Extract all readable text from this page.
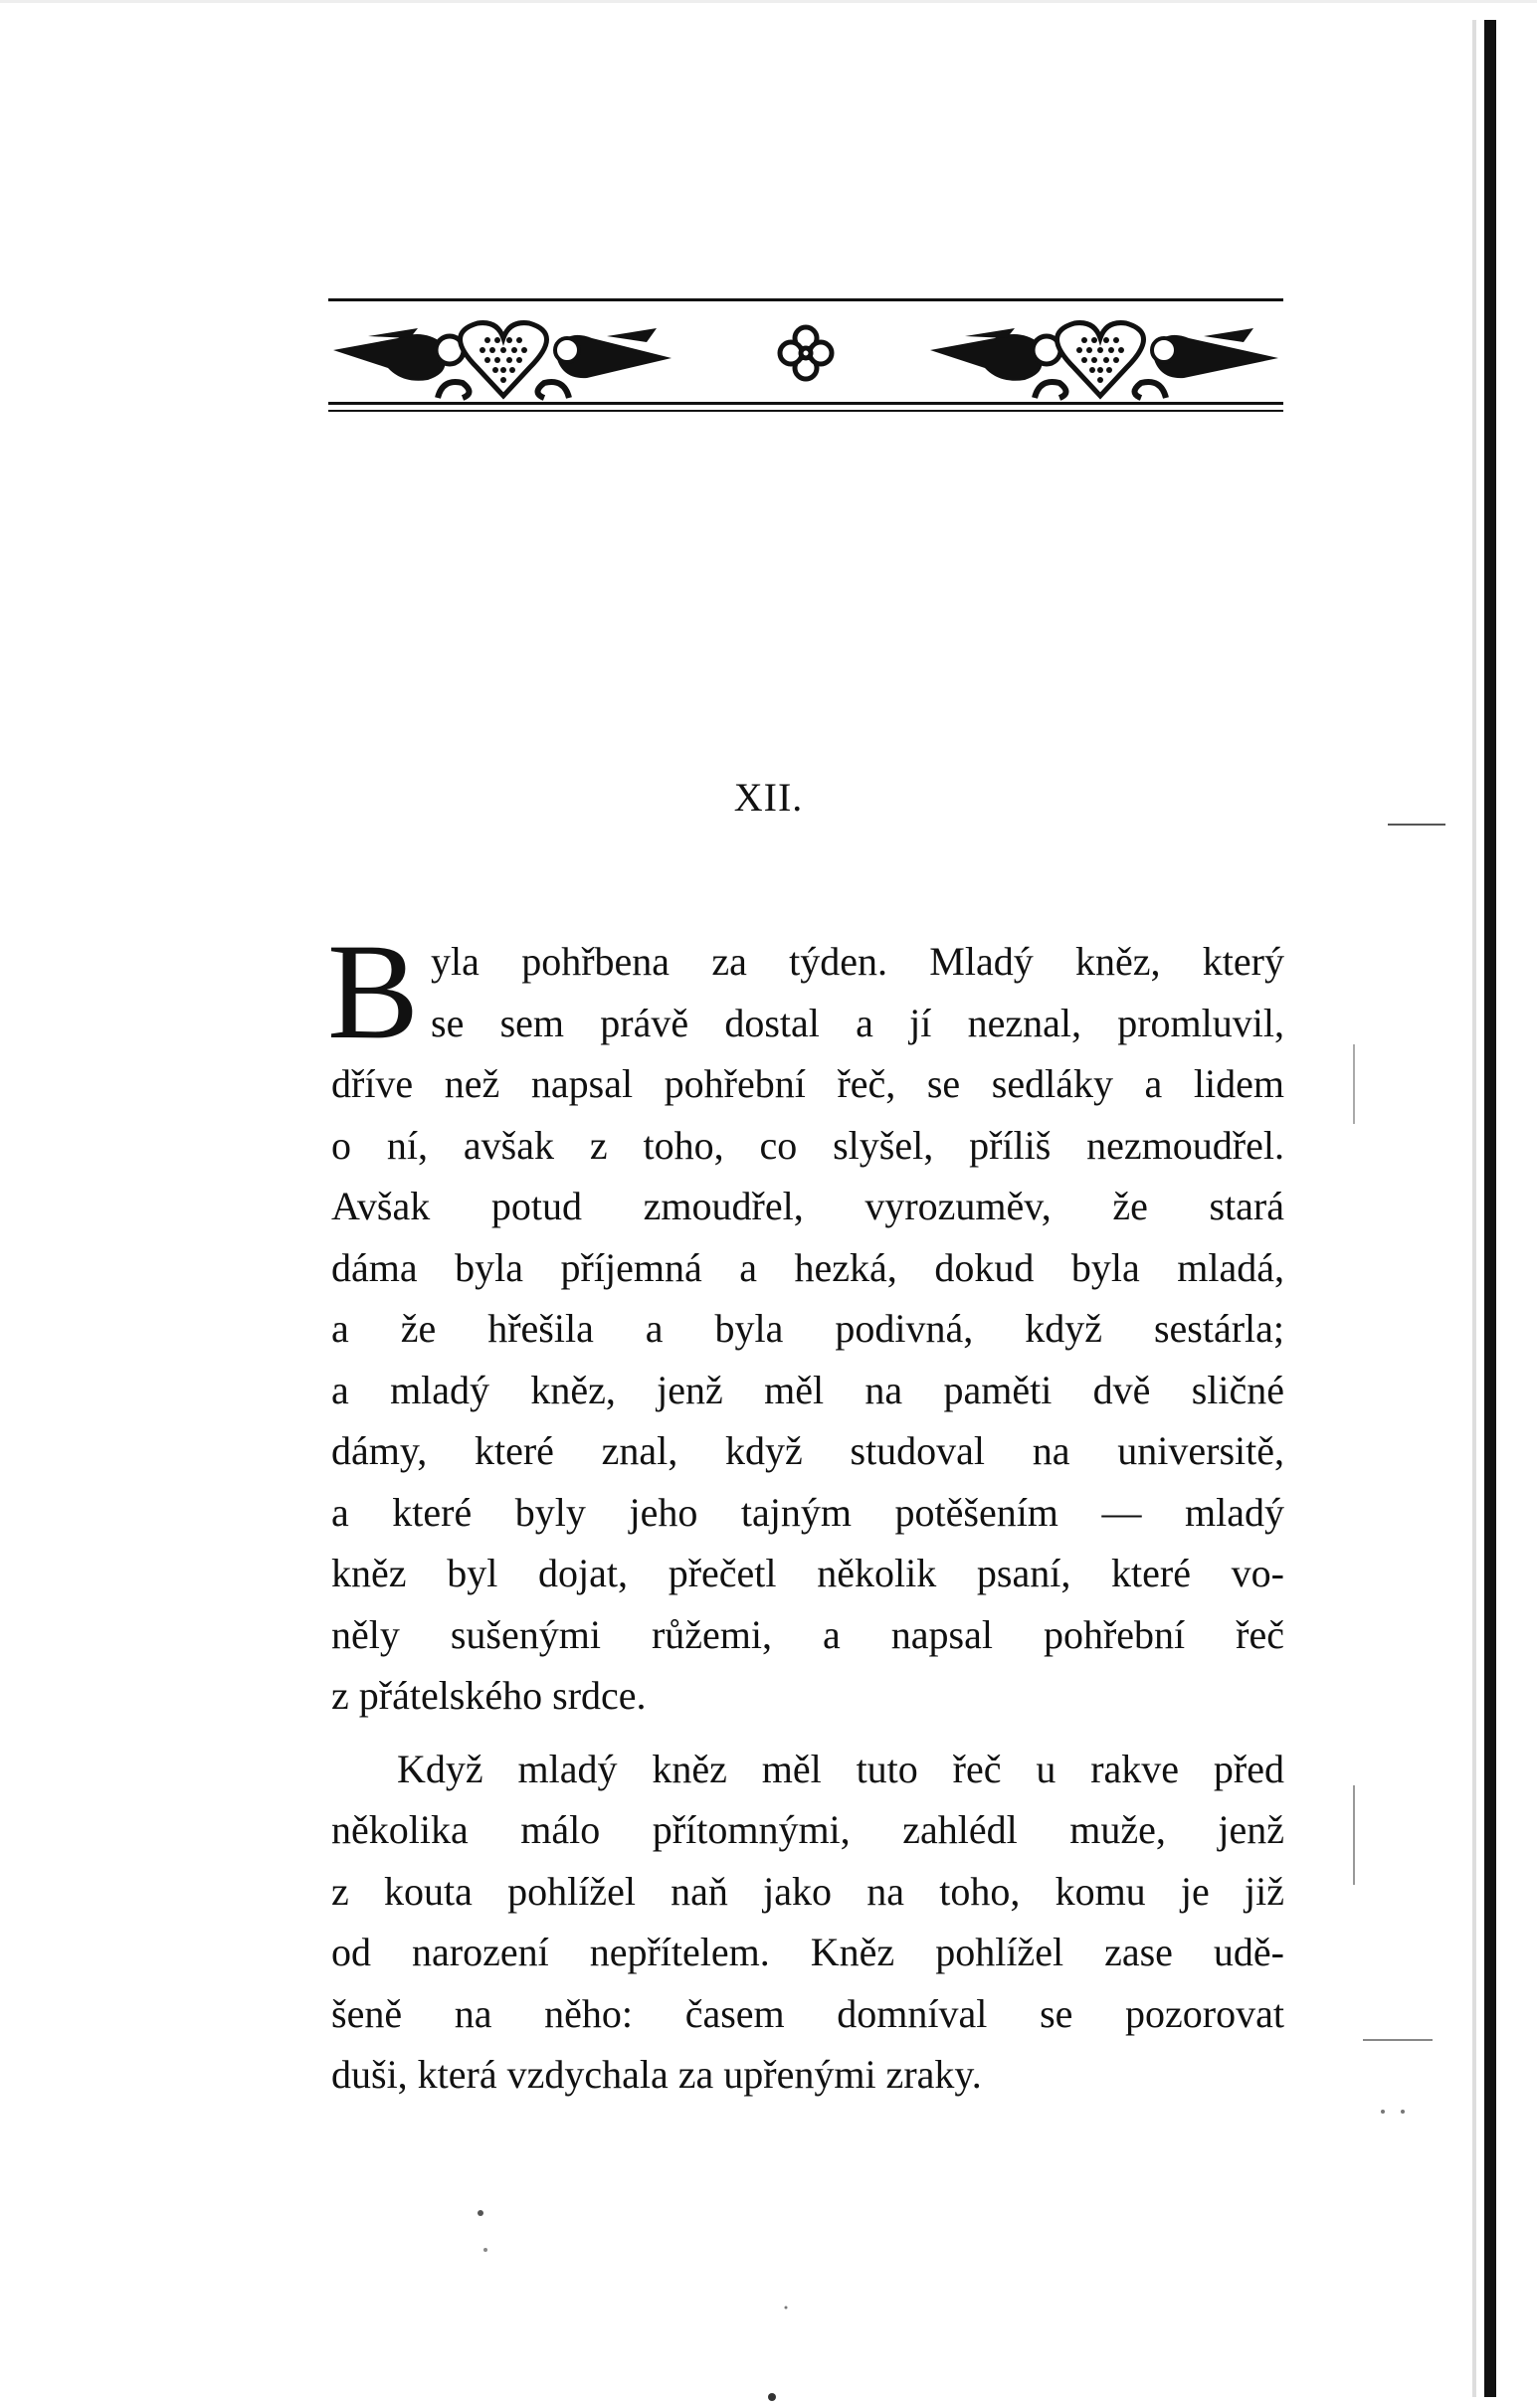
XII.
B yla pohřbena za týden. Mladý kněz, který
se sem právě dostal a jí neznal, promluvil,
dříve než napsal pohřební řeč, se sedláky a lidem
o ní, avšak z toho, co slyšel, příliš nezmoudřel.
Avšak potud zmoudřel, vyrozuměv, že stará
dáma byla příjemná a hezká, dokud byla mladá,
a že hřešila a byla podivná, když sestárla;
a mladý kněz, jenž měl na paměti dvě sličné
dámy, které znal, když studoval na universitě,
a které byly jeho tajným potěšením — mladý
kněz byl dojat, přečetl několik psaní, které vo-
něly sušenými růžemi, a napsal pohřební řeč
z přátelského srdce.
Když mladý kněz měl tuto řeč u rakve před
několika málo přítomnými, zahlédl muže, jenž
z kouta pohlížel naň jako na toho, komu je již
od narození nepřítelem. Kněz pohlížel zase udě-
šeně na něho: časem domníval se pozorovat
duši, která vzdychala za upřenými zraky.
